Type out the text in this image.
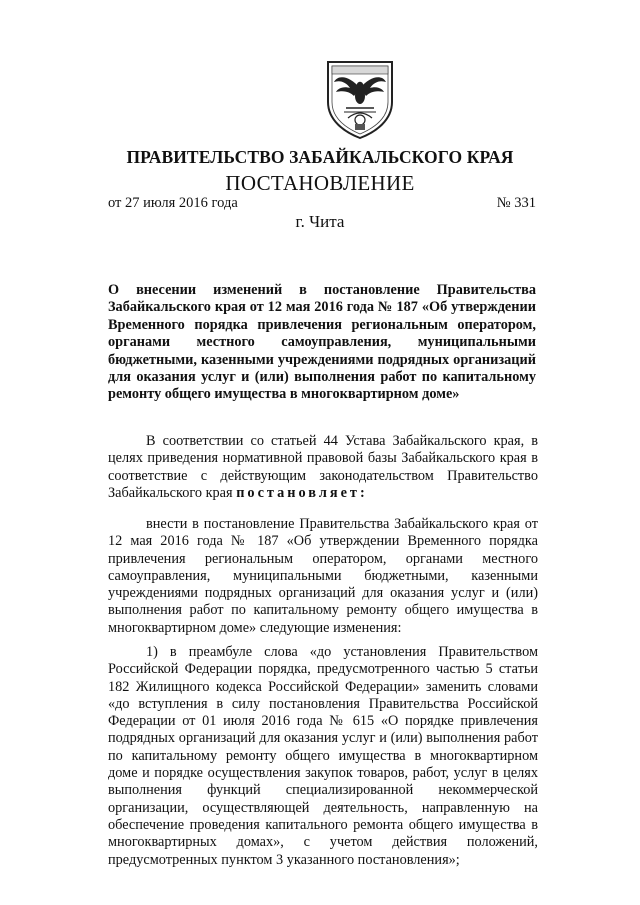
ПРАВИТЕЛЬСТВО ЗАБАЙКАЛЬСКОГО КРАЯ
ПОСТАНОВЛЕНИЕ
от 27 июля 2016 года	№ 331
г. Чита
О внесении изменений в постановление Правительства Забайкальского края от 12 мая 2016 года № 187 «Об утверждении Временного порядка привлечения региональным оператором, органами местного самоуправления, муниципальными бюджетными, казенными учреждениями подрядных организаций для оказания услуг и (или) выполнения работ по капитальному ремонту общего имущества в многоквартирном доме»
В соответствии со статьей 44 Устава Забайкальского края, в целях приведения нормативной правовой базы Забайкальского края в соответствие с действующим законодательством Правительство Забайкальского края постановляет:
внести в постановление Правительства Забайкальского края от 12 мая 2016 года № 187 «Об утверждении Временного порядка привлечения региональным оператором, органами местного самоуправления, муниципальными бюджетными, казенными учреждениями подрядных организаций для оказания услуг и (или) выполнения работ по капитальному ремонту общего имущества в многоквартирном доме» следующие изменения:
1) в преамбуле слова «до установления Правительством Российской Федерации порядка, предусмотренного частью 5 статьи 182 Жилищного кодекса Российской Федерации» заменить словами «до вступления в силу постановления Правительства Российской Федерации от 01 июля 2016 года № 615 «О порядке привлечения подрядных организаций для оказания услуг и (или) выполнения работ по капитальному ремонту общего имущества в многоквартирном доме и порядке осуществления закупок товаров, работ, услуг в целях выполнения функций специализированной некоммерческой организации, осуществляющей деятельность, направленную на обеспечение проведения капитального ремонта общего имущества в многоквартирных домах», с учетом действия положений, предусмотренных пунктом 3 указанного постановления»;
